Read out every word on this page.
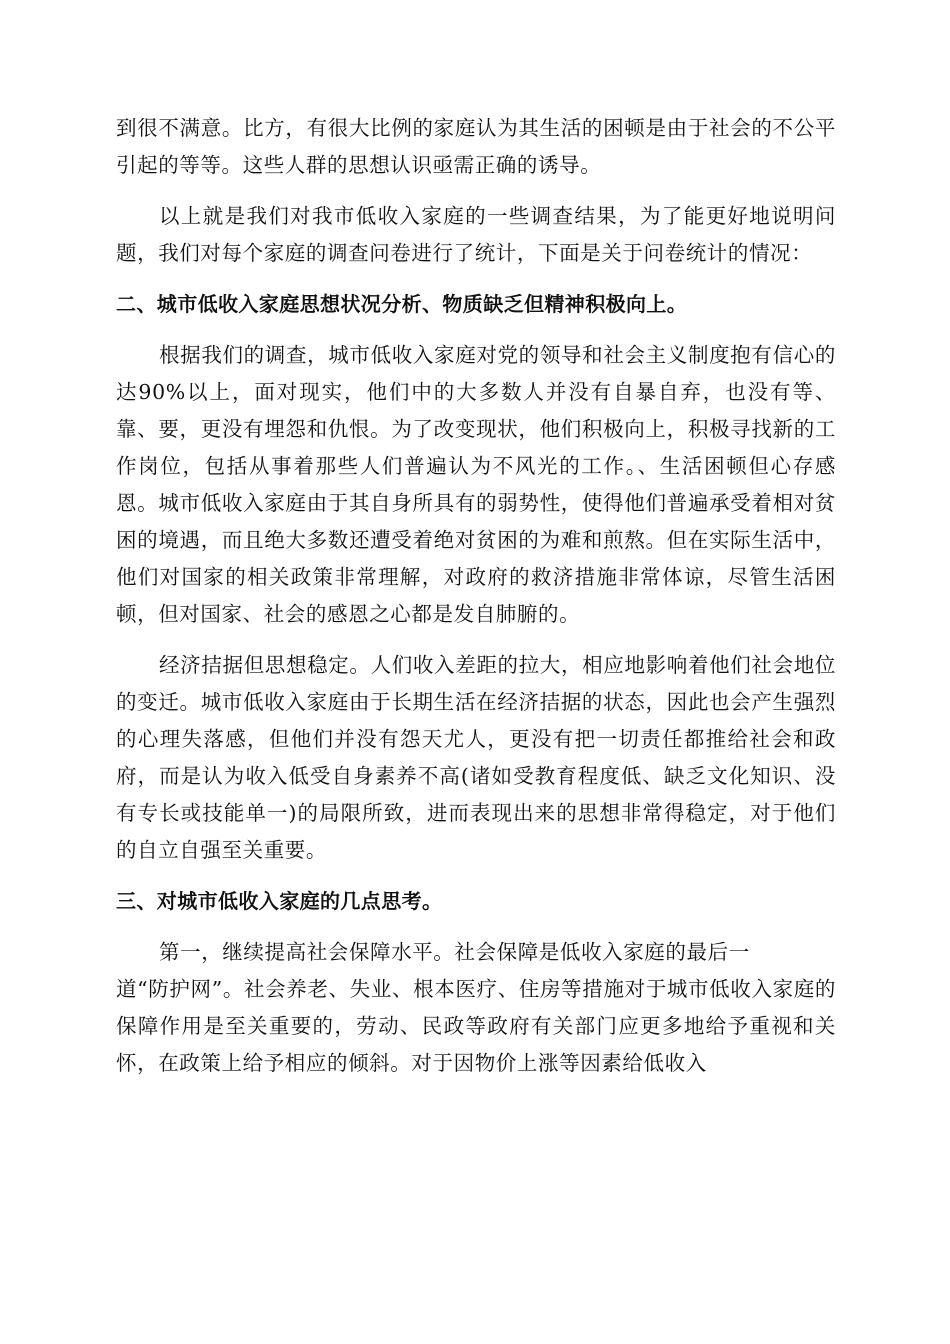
到很不满意。比方，有很大比例的家庭认为其生活的困顿是由于社会的不公平引起的等等。这些人群的思想认识亟需正确的诱导。

以上就是我们对我市低收入家庭的一些调查结果，为了能更好地说明问题，我们对每个家庭的调查问卷进行了统计，下面是关于问卷统计的情况：

二、城市低收入家庭思想状况分析、物质缺乏但精神积极向上。

根据我们的调查，城市低收入家庭对党的领导和社会主义制度抱有信心的达90%以上，面对现实，他们中的大多数人并没有自暴自弃，也没有等、靠、要，更没有埋怨和仇恨。为了改变现状，他们积极向上，积极寻找新的工作岗位，包括从事着那些人们普遍认为不风光的工作。、生活困顿但心存感恩。城市低收入家庭由于其自身所具有的弱势性，使得他们普遍承受着相对贫困的境遇，而且绝大多数还遭受着绝对贫困的为难和煎熬。但在实际生活中，他们对国家的相关政策非常理解，对政府的救济措施非常体谅，尽管生活困顿，但对国家、社会的感恩之心都是发自肺腑的。

经济拮据但思想稳定。人们收入差距的拉大，相应地影响着他们社会地位的变迁。城市低收入家庭由于长期生活在经济拮据的状态，因此也会产生强烈的心理失落感，但他们并没有怨天尤人，更没有把一切责任都推给社会和政府，而是认为收入低受自身素养不高(诸如受教育程度低、缺乏文化知识、没有专长或技能单一)的局限所致，进而表现出来的思想非常得稳定，对于他们的自立自强至关重要。

三、对城市低收入家庭的几点思考。

第一，继续提高社会保障水平。社会保障是低收入家庭的最后一

道“防护网”。社会养老、失业、根本医疗、住房等措施对于城市低收入家庭的保障作用是至关重要的，劳动、民政等政府有关部门应更多地给予重视和关怀，在政策上给予相应的倾斜。对于因物价上涨等因素给低收入
